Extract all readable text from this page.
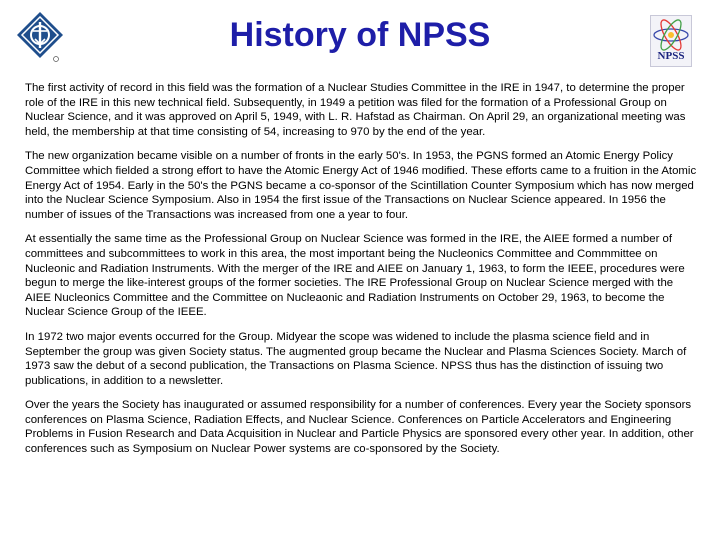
History of NPSS
NPSS

The first activity of record in this field was the formation of a Nuclear Studies Committee in the IRE in 1947, to determine the proper role of the IRE in this new technical field. Subsequently, in 1949 a petition was filed for the formation of a Professional Group on Nuclear Science, and it was approved on April 5, 1949, with L. R. Hafstad as Chairman. On April 29, an organizational meeting was held, the membership at that time consisting of 54, increasing to 970 by the end of the year.

The new organization became visible on a number of fronts in the early 50's. In 1953, the PGNS formed an Atomic Energy Policy Committee which fielded a strong effort to have the Atomic Energy Act of 1946 modified. These efforts came to a fruition in the Atomic Energy Act of 1954. Early in the 50's the PGNS became a co-sponsor of the Scintillation Counter Symposium which has now merged into the Nuclear Science Symposium. Also in 1954 the first issue of the Transactions on Nuclear Science appeared. In 1956 the number of issues of the Transactions was increased from one a year to four.

At essentially the same time as the Professional Group on Nuclear Science was formed in the IRE, the AIEE formed a number of committees and subcommittees to work in this area, the most important being the Nucleonics Committee and Commmittee on Nucleonic and Radiation Instruments. With the merger of the IRE and AIEE on January 1, 1963, to form the IEEE, procedures were begun to merge the like-interest groups of the former societies. The IRE Professional Group on Nuclear Science merged with the AIEE Nucleonics Committee and the Committee on Nucleaonic and Radiation Instruments on October 29, 1963, to become the Nuclear Science Group of the IEEE.

In 1972 two major events occurred for the Group. Midyear the scope was widened to include the plasma science field and in September the group was given Society status. The augmented group became the Nuclear and Plasma Sciences Society. March of 1973 saw the debut of a second publication, the Transactions on Plasma Science. NPSS thus has the distinction of issuing two publications, in addition to a newsletter.

Over the years the Society has inaugurated or assumed responsibility for a number of conferences. Every year the Society sponsors conferences on Plasma Science, Radiation Effects, and Nuclear Science. Conferences on Particle Accelerators and Engineering Problems in Fusion Research and Data Acquisition in Nuclear and Particle Physics are sponsored every other year. In addition, other conferences such as Symposium on Nuclear Power systems are co-sponsored by the Society.
